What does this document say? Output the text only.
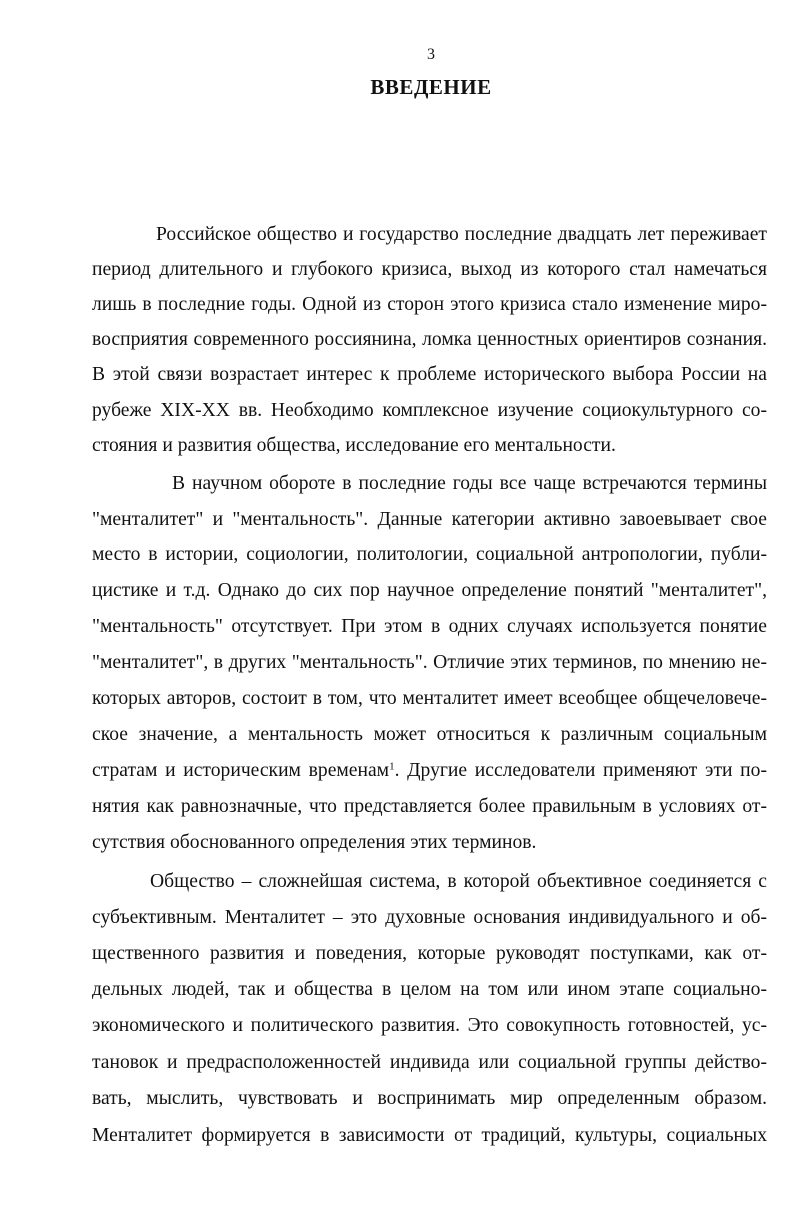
3
ВВЕДЕНИЕ
Российское общество и государство последние двадцать лет переживает
период длительного и глубокого кризиса, выход из которого стал намечаться
лишь в последние годы. Одной из сторон этого кризиса стало изменение миро-
восприятия современного россиянина, ломка ценностных ориентиров сознания.
В этой связи возрастает интерес к проблеме исторического выбора России на
рубеже XIX-XX вв. Необходимо комплексное изучение социокультурного со-
стояния и развития общества, исследование его ментальности.
В научном обороте в последние годы все чаще встречаются термины
"менталитет" и "ментальность". Данные категории активно завоевывает свое
место в истории, социологии, политологии, социальной антропологии, публи-
цистике и т.д. Однако до сих пор научное определение понятий "менталитет",
"ментальность" отсутствует. При этом в одних случаях используется понятие
"менталитет", в других "ментальность". Отличие этих терминов, по мнению не-
которых авторов, состоит в том, что менталитет имеет всеобщее общечеловече-
ское значение, а ментальность может относиться к различным социальным
стратам и историческим временам$^1$. Другие исследователи применяют эти по-
нятия как равнозначные, что представляется более правильным в условиях от-
сутствия обоснованного определения этих терминов.
Общество – сложнейшая система, в которой объективное соединяется с
субъективным. Менталитет – это духовные основания индивидуального и об-
щественного развития и поведения, которые руководят поступками, как от-
дельных людей, так и общества в целом на том или ином этапе социально-
экономического и политического развития. Это совокупность готовностей, ус-
тановок и предрасположенностей индивида или социальной группы действо-
вать, мыслить, чувствовать и воспринимать мир определенным образом.
Менталитет формируется в зависимости от традиций, культуры, социальных
